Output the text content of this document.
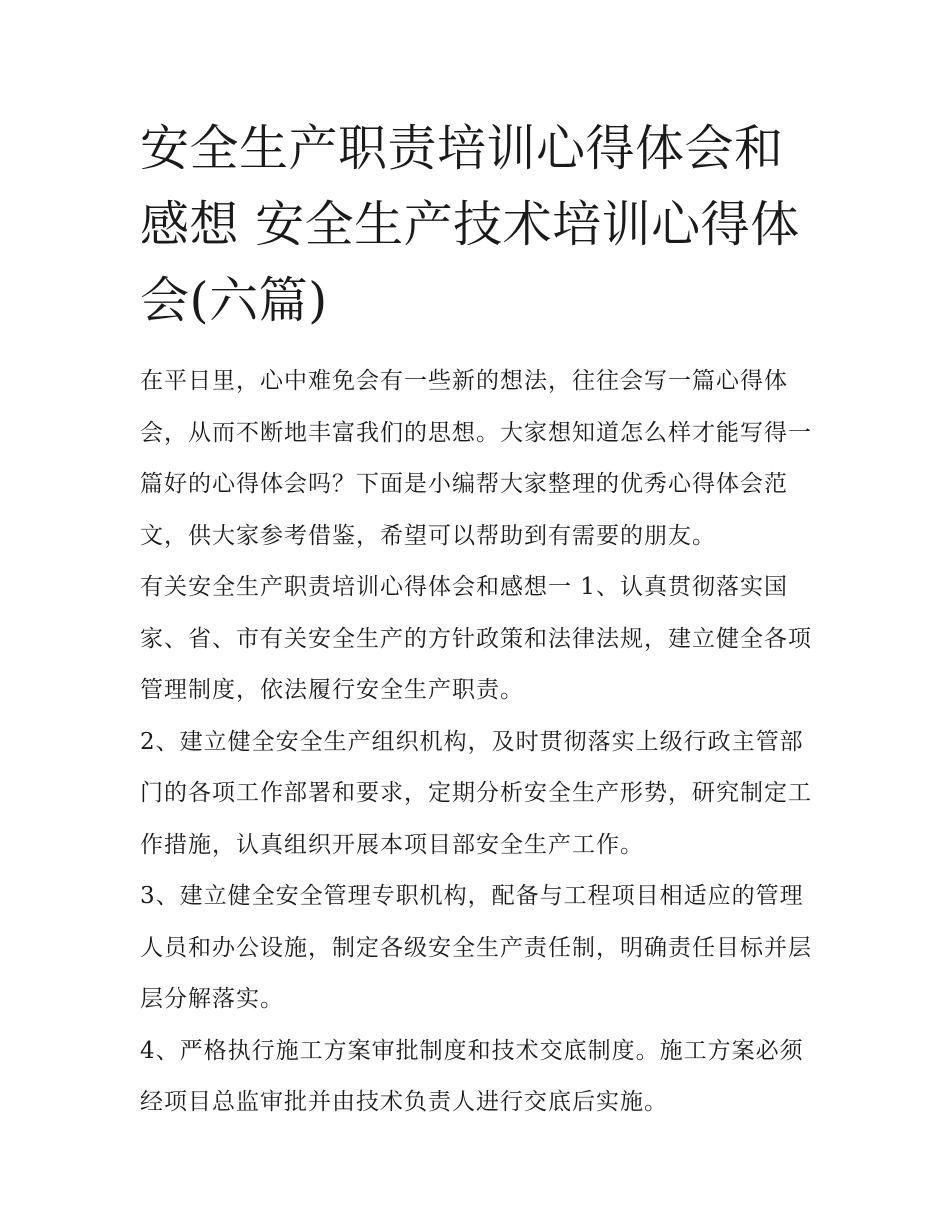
安全生产职责培训心得体会和感想 安全生产技术培训心得体会(六篇)

在平日里，心中难免会有一些新的想法，往往会写一篇心得体会，从而不断地丰富我们的思想。大家想知道怎么样才能写得一篇好的心得体会吗？下面是小编帮大家整理的优秀心得体会范文，供大家参考借鉴，希望可以帮助到有需要的朋友。

有关安全生产职责培训心得体会和感想一 1、认真贯彻落实国家、省、市有关安全生产的方针政策和法律法规，建立健全各项管理制度，依法履行安全生产职责。

2、建立健全安全生产组织机构，及时贯彻落实上级行政主管部门的各项工作部署和要求，定期分析安全生产形势，研究制定工作措施，认真组织开展本项目部安全生产工作。

3、建立健全安全管理专职机构，配备与工程项目相适应的管理人员和办公设施，制定各级安全生产责任制，明确责任目标并层层分解落实。

4、严格执行施工方案审批制度和技术交底制度。施工方案必须经项目总监审批并由技术负责人进行交底后实施。
